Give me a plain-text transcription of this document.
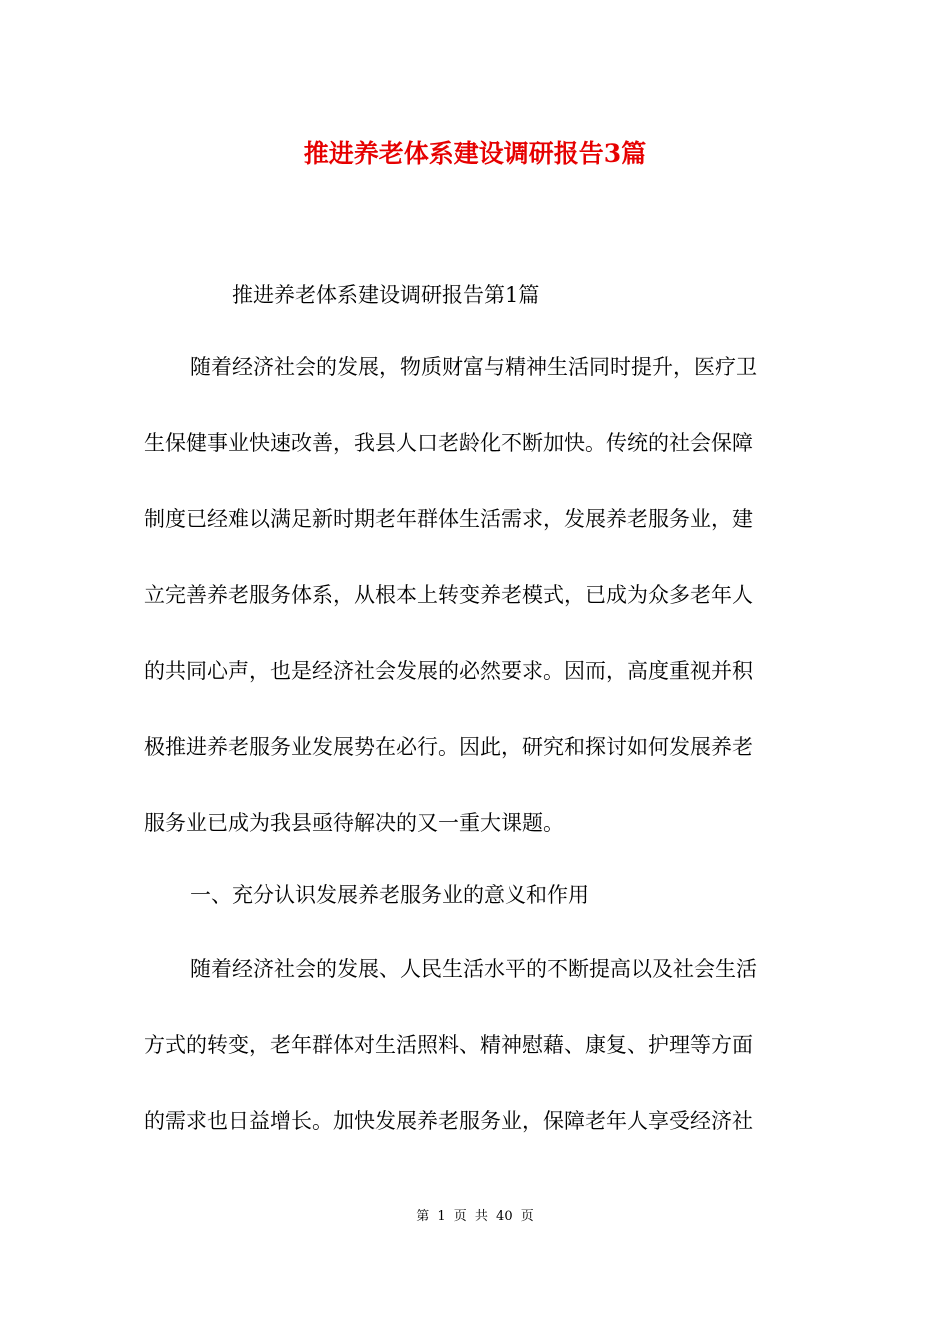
推进养老体系建设调研报告3篇
推进养老体系建设调研报告第1篇
随着经济社会的发展，物质财富与精神生活同时提升，医疗卫
生保健事业快速改善，我县人口老龄化不断加快。传统的社会保障
制度已经难以满足新时期老年群体生活需求，发展养老服务业，建
立完善养老服务体系，从根本上转变养老模式，已成为众多老年人
的共同心声，也是经济社会发展的必然要求。因而，高度重视并积
极推进养老服务业发展势在必行。因此，研究和探讨如何发展养老
服务业已成为我县亟待解决的又一重大课题。
一、充分认识发展养老服务业的意义和作用
随着经济社会的发展、人民生活水平的不断提高以及社会生活
方式的转变，老年群体对生活照料、精神慰藉、康复、护理等方面
的需求也日益增长。加快发展养老服务业，保障老年人享受经济社
第 1 页 共 40 页
